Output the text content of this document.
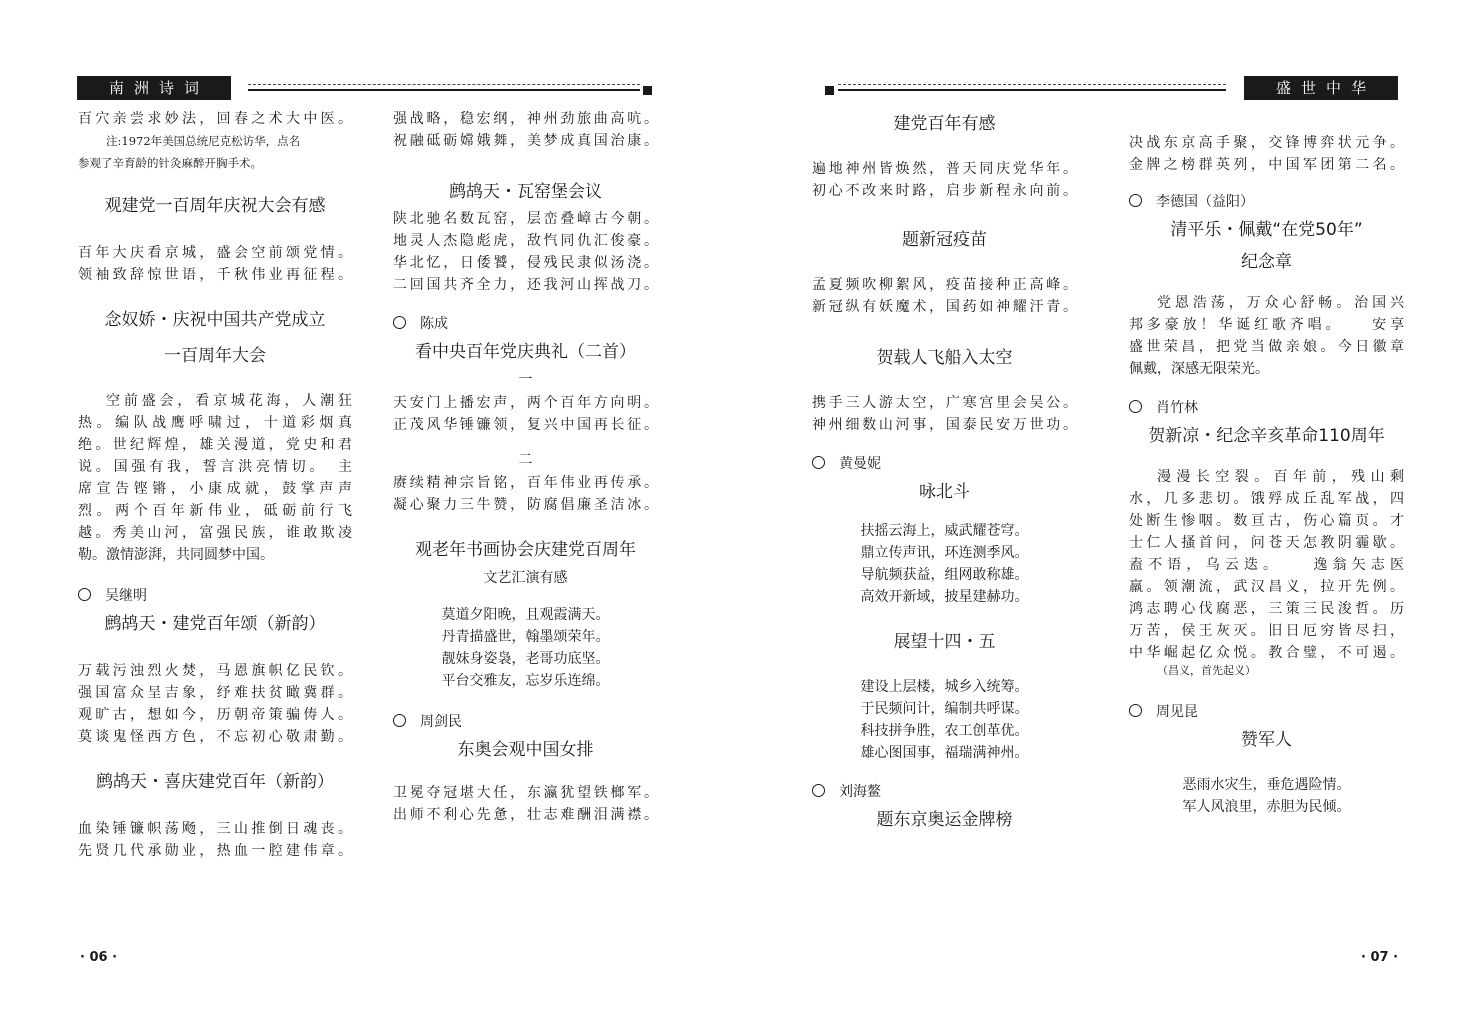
南洲诗词
百穴亲尝求妙法，回春之术大中医。
注:1972年美国总统尼克松访华，点名
参观了辛育龄的针灸麻醉开胸手术。
观建党一百周年庆祝大会有感
百年大庆看京城，盛会空前颂党情。
领袖致辞惊世语，千秋伟业再征程。
念奴娇・庆祝中国共产党成立
一百周年大会
空前盛会，看京城花海，人潮狂
热。编队战鹰呼啸过，十道彩烟真
绝。世纪辉煌，雄关漫道，党史和君
说。国强有我，誓言洪亮情切。　主
席宣告铿锵，小康成就，鼓掌声声
烈。两个百年新伟业，砥砺前行飞
越。秀美山河，富强民族，谁敢欺凌
勒。激情澎湃，共同圆梦中国。
吴继明
鹧鸪天・建党百年颂（新韵）
万载污浊烈火焚，马恩旗帜亿民钦。
强国富众呈吉象，纾难扶贫瞰冀群。
观旷古，想如今，历朝帝策骗俦人。
莫谈鬼怪西方色，不忘初心敬肃勤。
鹧鸪天・喜庆建党百年（新韵）
血染锤镰帜荡飏，三山推倒日魂丧。
先贤几代承勋业，热血一腔建伟章。
强战略，稳宏纲，神州劲旅曲高吭。
祝融砥砺嫦娥舞，美梦成真国治康。
鹧鸪天・瓦窑堡会议
陕北驰名数瓦窑，层峦叠嶂古今朝。
地灵人杰隐彪虎，敌忾同仇汇俊豪。
华北忆，日倭饕，侵残民隶似汤浇。
二回国共齐全力，还我河山挥战刀。
陈成
看中央百年党庆典礼（二首）
一
天安门上播宏声，两个百年方向明。
正茂风华锤镰领，复兴中国再长征。
二
赓续精神宗旨铭，百年伟业再传承。
凝心聚力三牛赞，防腐倡廉圣洁冰。
观老年书画协会庆建党百周年
文艺汇演有感
莫道夕阳晚，且观霞满天。
丹青描盛世，翰墨颂荣年。
靓妹身姿袅，老哥功底坚。
平台交雅友，忘岁乐连绵。
周剑民
东奥会观中国女排
卫冕夺冠堪大任，东瀛犹望铁榔军。
出师不利心先惫，壮志难酬泪满襟。
· 06 ·
盛世中华
建党百年有感
遍地神州皆焕然，普天同庆党华年。
初心不改来时路，启步新程永向前。
题新冠疫苗
孟夏频吹柳絮风，疫苗接种正高峰。
新冠纵有妖魔术，国药如神耀汗青。
贺载人飞船入太空
携手三人游太空，广寒宫里会吴公。
神州细数山河事，国泰民安万世功。
黄曼妮
咏北斗
扶摇云海上，威武耀苍穹。
鼎立传声讯，环连测季风。
导航频获益，组网敢称雄。
高效开新域，披星建赫功。
展望十四・五
建设上层楼，城乡入统筹。
于民频问计，编制共呼谋。
科技拼争胜，农工创革优。
雄心图国事，福瑞满神州。
刘海鳌
题东京奥运金牌榜
决战东京高手聚，交锋博弈状元争。
金牌之榜群英列，中国军团第二名。
李德国（益阳）
清平乐・佩戴“在党50年”
纪念章
党恩浩荡，万众心舒畅。治国兴
邦多豪放！华诞红歌齐唱。　　安享
盛世荣昌，把党当做亲娘。今日徽章
佩戴，深感无限荣光。
肖竹林
贺新凉・纪念辛亥革命110周年
漫漫长空裂。百年前，残山剩
水，几多悲切。饿殍成丘乱军战，四
处断生惨咽。数亘古，伤心篇页。才
士仁人搔首问，问苍天怎教阴霾歇。
盍不语，乌云迭。　　逸翁矢志医
羸。领潮流，武汉昌义，拉开先例。
鸿志聘心伐腐恶，三策三民浚哲。历
万苦，侯王灰灭。旧日厄穷皆尽扫，
中华崛起亿众悦。教合璧，不可遏。
（昌义，首先起义）
周见昆
赞军人
恶雨水灾生，垂危遇险情。
军人风浪里，赤胆为民倾。
· 07 ·
